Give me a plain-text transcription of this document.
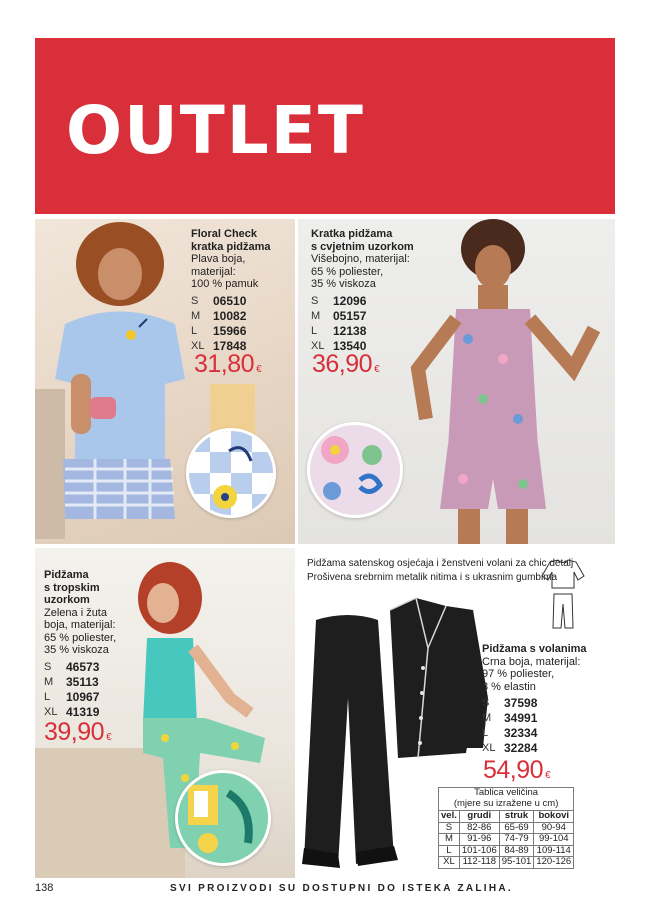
OUTLET
Floral Check
kratka pidžama
Plava boja,
materijal:
100 % pamuk
S	06510
M	10082
L	15966
XL 17848
31,80 €
Kratka pidžama
s cvjetnim uzorkom
Višebojno, materijal:
65 % poliester,
35 % viskoza
S	12096
M	05157
L	12138
XL 13540
36,90 €
Pidžama
s tropskim
uzorkom
Zelena i žuta
boja, materijal:
65 % poliester,
35 % viskoza
S	46573
M	35113
L	10967
XL 41319
39,90 €
Pidžama satenskog osjećaja i ženstveni volani za chic detalj
Prošivena srebrnim metalik nitima i s ukrasnim gumbima
Pidžama s volanima
Crna boja, materijal:
97 % poliester,
3 % elastin
S	37598
M	34991
L	32334
XL 32284
54,90 €
Tablica veličina			
(mjere su izražene u cm)			
vel.	grudi	struk	bokovi
S	82-86	65-69	90-94
M	91-96	74-79	99-104
L	101-106	84-89	109-114
XL	112-118	95-101	120-126
138	SVI PROIZVODI SU DOSTUPNI DO ISTEKA ZALIHA.
